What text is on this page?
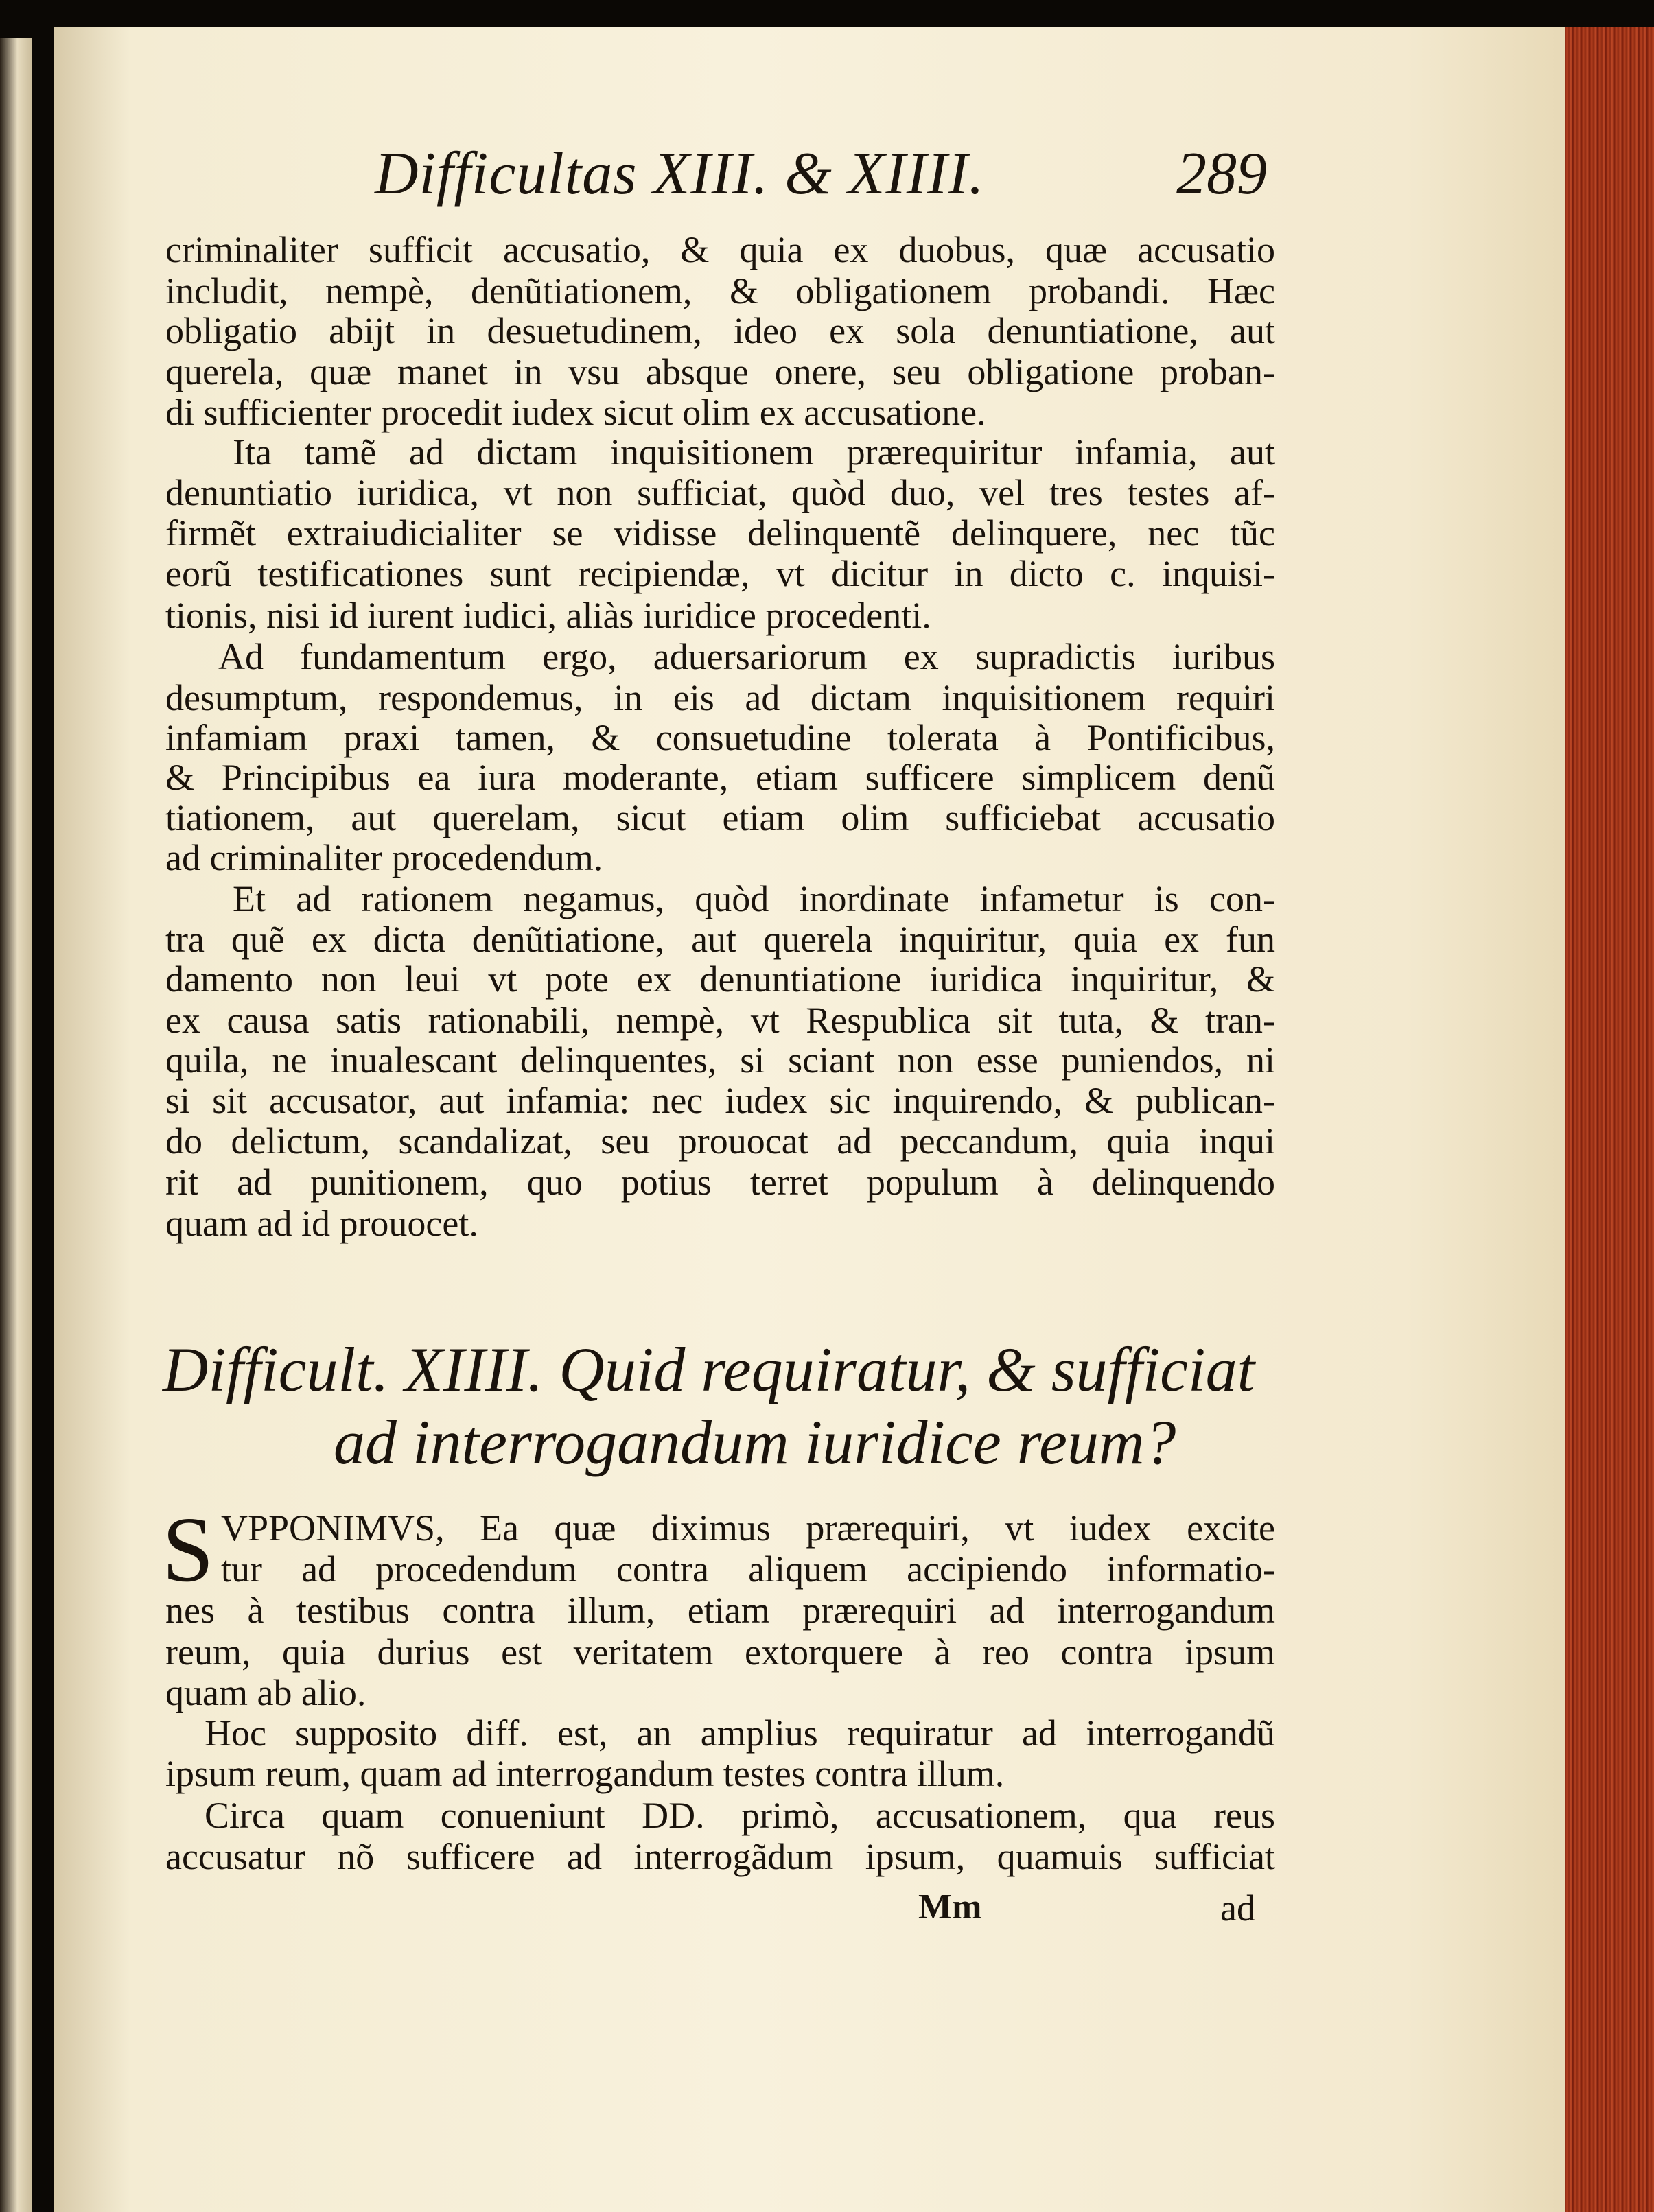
Difficultas XIII. & XIIII.	289
criminaliter sufficit accusatio, & quia ex duobus, quæ accusatio
includit, nempè, denũtiationem, & obligationem probandi. Hæc
obligatio abijt in desuetudinem, ideo ex sola denuntiatione, aut
querela, quæ manet in vsu absque onere, seu obligatione proban-
di sufficienter procedit iudex sicut olim ex accusatione.
Ita tamẽ ad dictam inquisitionem prærequiritur infamia, aut
denuntiatio iuridica, vt non sufficiat, quòd duo, vel tres testes af-
firmẽt extraiudicialiter se vidisse delinquentẽ delinquere, nec tũc
eorũ testificationes sunt recipiendæ, vt dicitur in dicto c. inquisi-
tionis, nisi id iurent iudici, aliàs iuridice procedenti.
Ad fundamentum ergo, aduersariorum ex supradictis iuribus
desumptum, respondemus, in eis ad dictam inquisitionem requiri
infamiam praxi tamen, & consuetudine tolerata à Pontificibus,
& Principibus ea iura moderante, etiam sufficere simplicem denũ
tiationem, aut querelam, sicut etiam olim sufficiebat accusatio
ad criminaliter procedendum.
Et ad rationem negamus, quòd inordinate infametur is con-
tra quẽ ex dicta denũtiatione, aut querela inquiritur, quia ex fun
damento non leui vt pote ex denuntiatione iuridica inquiritur, &
ex causa satis rationabili, nempè, vt Respublica sit tuta, & tran-
quila, ne inualescant delinquentes, si sciant non esse puniendos, ni
si sit accusator, aut infamia: nec iudex sic inquirendo, & publican-
do delictum, scandalizat, seu prouocat ad peccandum, quia inqui
rit ad punitionem, quo potius terret populum à delinquendo
quam ad id prouocet.
Difficult. XIIII. Quid requiratur, & sufficiat
ad interrogandum iuridice reum?
S VPPONIMVS, Ea quæ diximus prærequiri, vt iudex excite
tur ad procedendum contra aliquem accipiendo informatio-
nes à testibus contra illum, etiam prærequiri ad interrogandum
reum, quia durius est veritatem extorquere à reo contra ipsum
quam ab alio.
Hoc supposito diff. est, an amplius requiratur ad interrogandũ
ipsum reum, quam ad interrogandum testes contra illum.
Circa quam conueniunt DD. primò, accusationem, qua reus
accusatur nõ sufficere ad interrogãdum ipsum, quamuis sufficiat
Mm	ad
